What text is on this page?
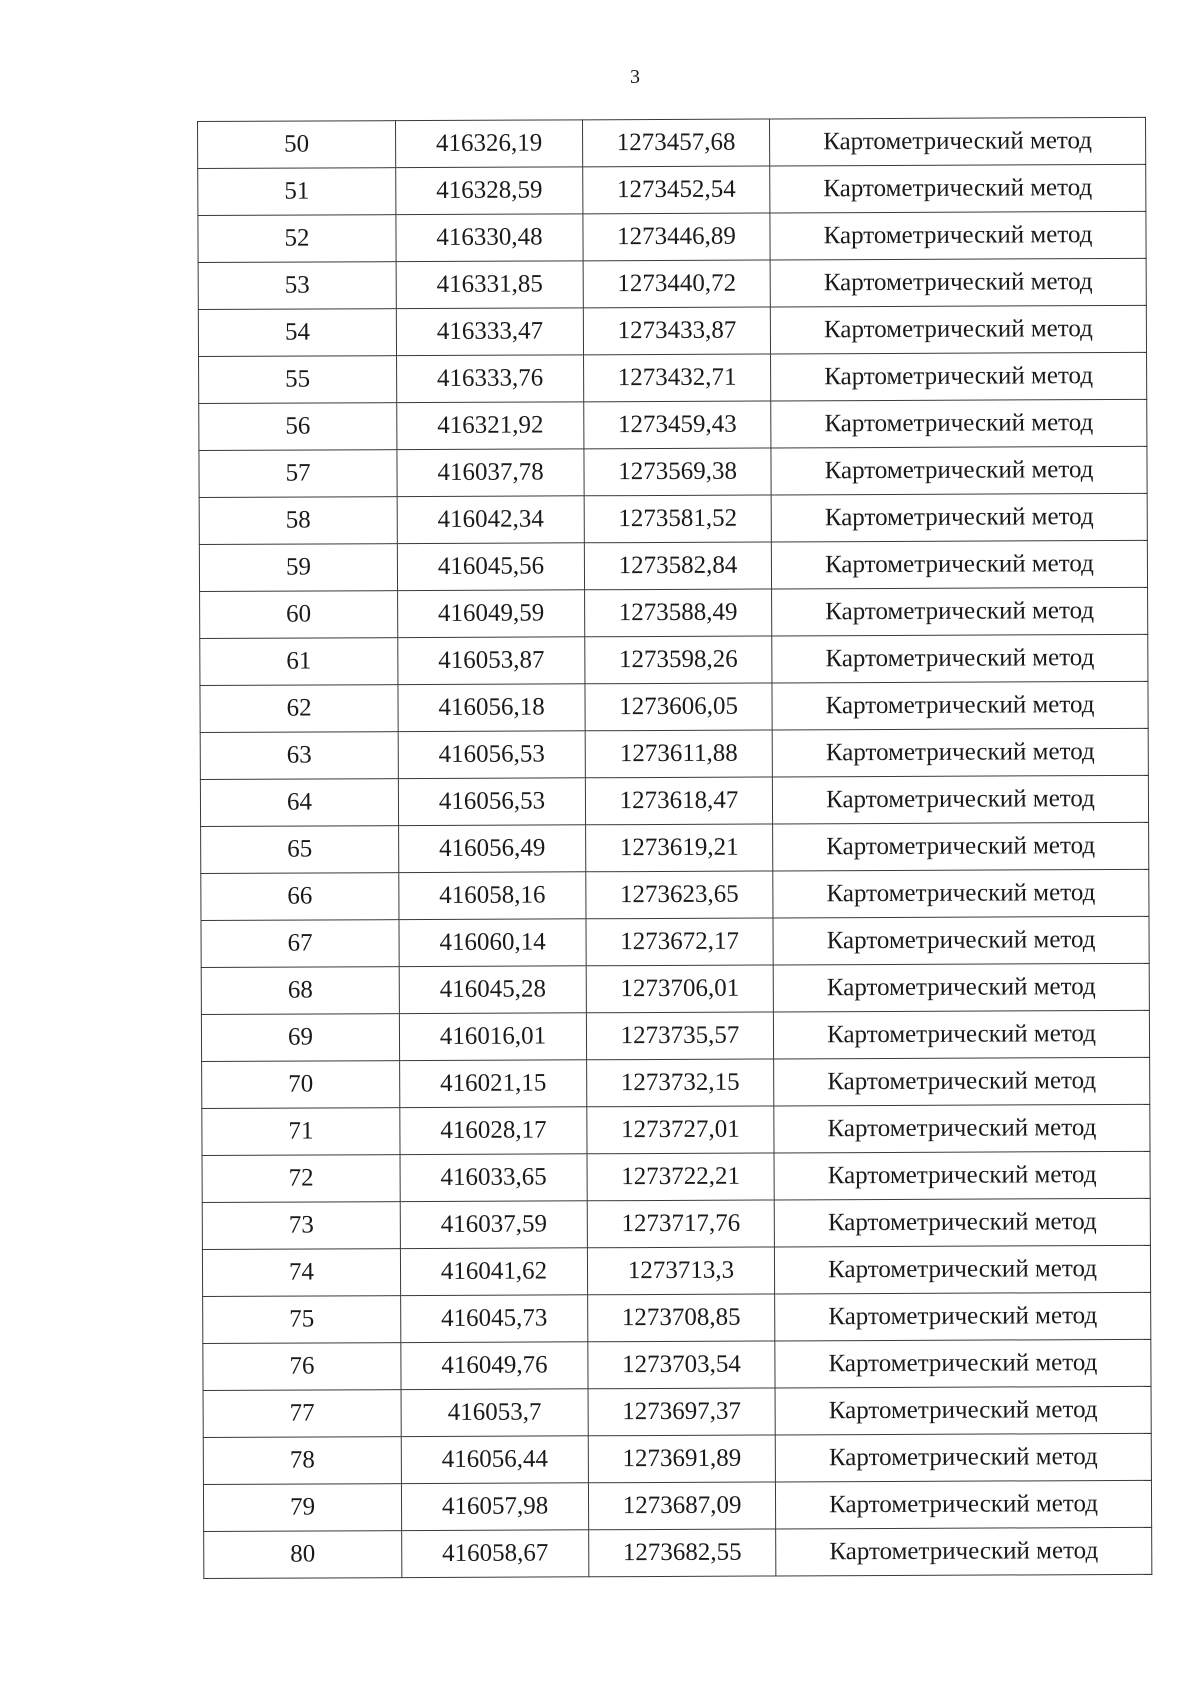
3
50	416326,19	1273457,68	Картометрический метод
51	416328,59	1273452,54	Картометрический метод
52	416330,48	1273446,89	Картометрический метод
53	416331,85	1273440,72	Картометрический метод
54	416333,47	1273433,87	Картометрический метод
55	416333,76	1273432,71	Картометрический метод
56	416321,92	1273459,43	Картометрический метод
57	416037,78	1273569,38	Картометрический метод
58	416042,34	1273581,52	Картометрический метод
59	416045,56	1273582,84	Картометрический метод
60	416049,59	1273588,49	Картометрический метод
61	416053,87	1273598,26	Картометрический метод
62	416056,18	1273606,05	Картометрический метод
63	416056,53	1273611,88	Картометрический метод
64	416056,53	1273618,47	Картометрический метод
65	416056,49	1273619,21	Картометрический метод
66	416058,16	1273623,65	Картометрический метод
67	416060,14	1273672,17	Картометрический метод
68	416045,28	1273706,01	Картометрический метод
69	416016,01	1273735,57	Картометрический метод
70	416021,15	1273732,15	Картометрический метод
71	416028,17	1273727,01	Картометрический метод
72	416033,65	1273722,21	Картометрический метод
73	416037,59	1273717,76	Картометрический метод
74	416041,62	1273713,3	Картометрический метод
75	416045,73	1273708,85	Картометрический метод
76	416049,76	1273703,54	Картометрический метод
77	416053,7	1273697,37	Картометрический метод
78	416056,44	1273691,89	Картометрический метод
79	416057,98	1273687,09	Картометрический метод
80	416058,67	1273682,55	Картометрический метод
